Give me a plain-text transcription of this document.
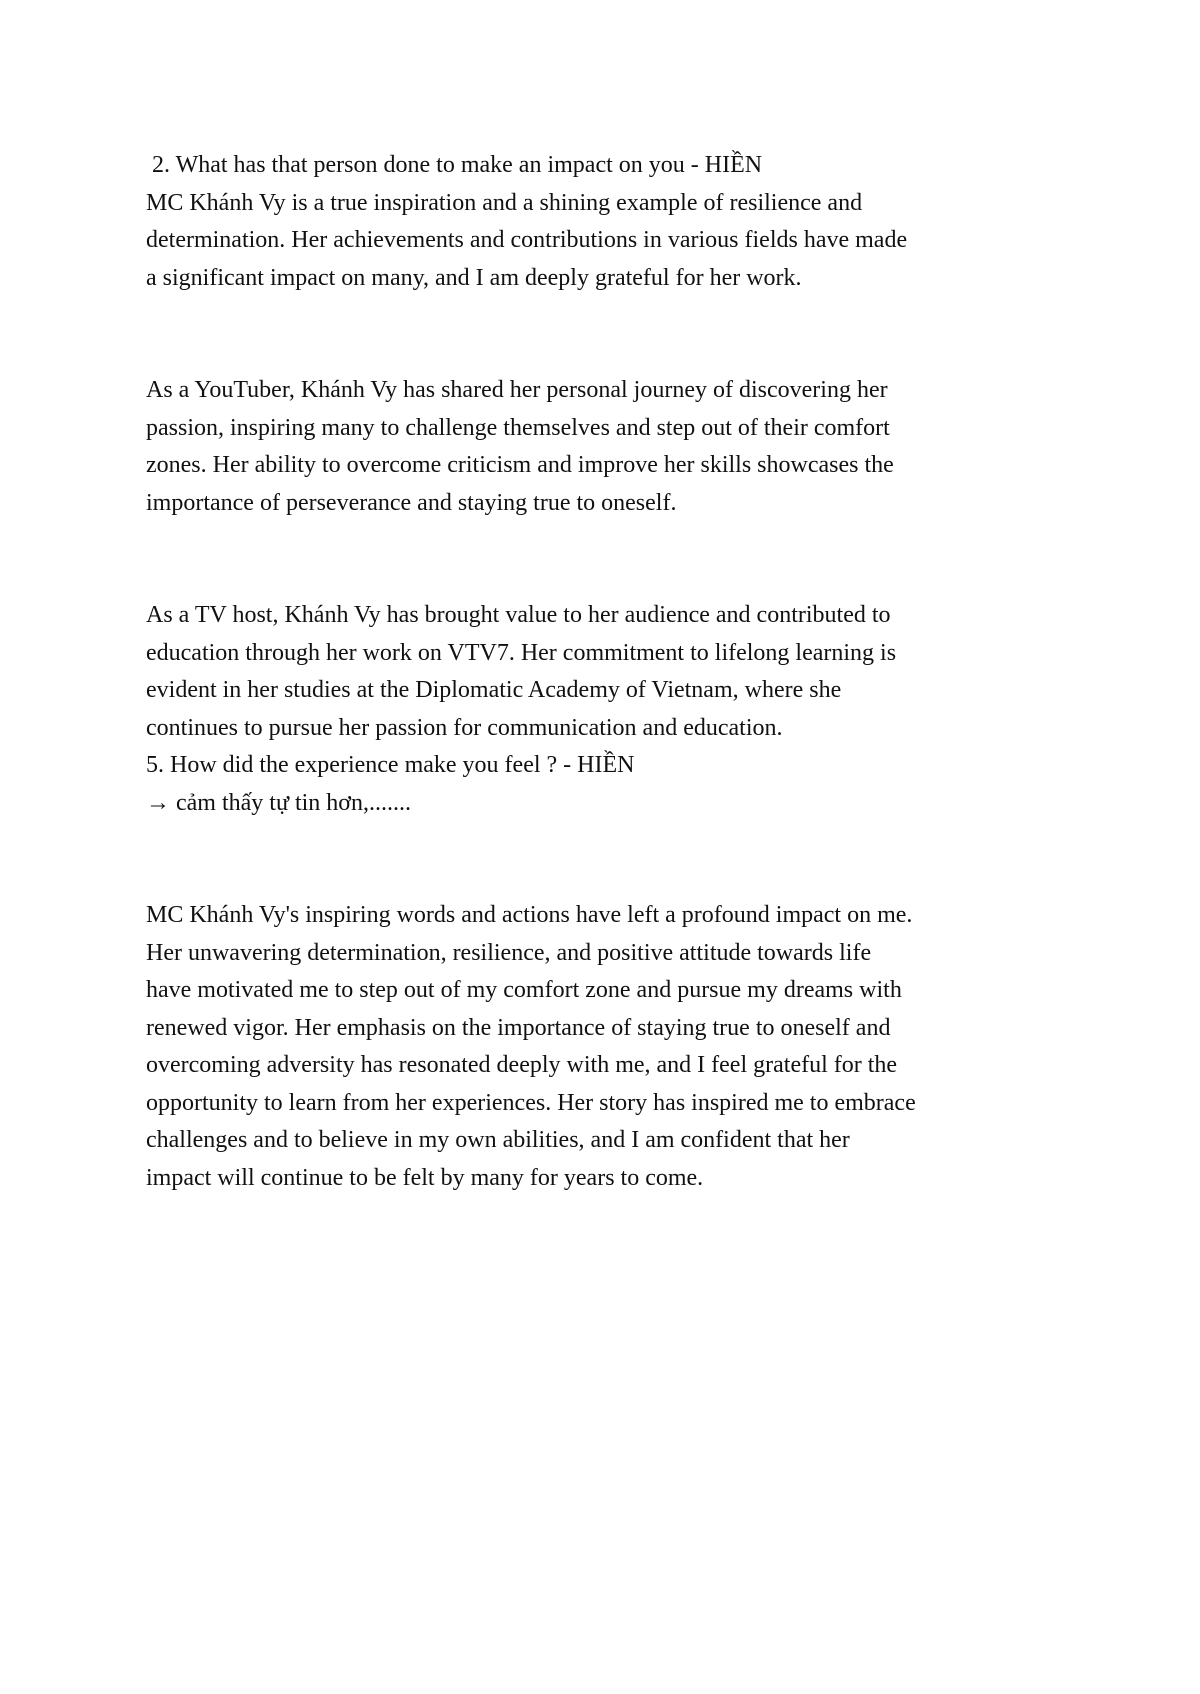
2. What has that person done to make an impact on you - HIỀN
MC Khánh Vy is a true inspiration and a shining example of resilience and
determination. Her achievements and contributions in various fields have made
a significant impact on many, and I am deeply grateful for her work.
As a YouTuber, Khánh Vy has shared her personal journey of discovering her
passion, inspiring many to challenge themselves and step out of their comfort
zones. Her ability to overcome criticism and improve her skills showcases the
importance of perseverance and staying true to oneself.
As a TV host, Khánh Vy has brought value to her audience and contributed to
education through her work on VTV7. Her commitment to lifelong learning is
evident in her studies at the Diplomatic Academy of Vietnam, where she
continues to pursue her passion for communication and education.
5. How did the experience make you feel ? - HIỀN
→ cảm thấy tự tin hơn,.......
MC Khánh Vy's inspiring words and actions have left a profound impact on me.
Her unwavering determination, resilience, and positive attitude towards life
have motivated me to step out of my comfort zone and pursue my dreams with
renewed vigor. Her emphasis on the importance of staying true to oneself and
overcoming adversity has resonated deeply with me, and I feel grateful for the
opportunity to learn from her experiences. Her story has inspired me to embrace
challenges and to believe in my own abilities, and I am confident that her
impact will continue to be felt by many for years to come.
